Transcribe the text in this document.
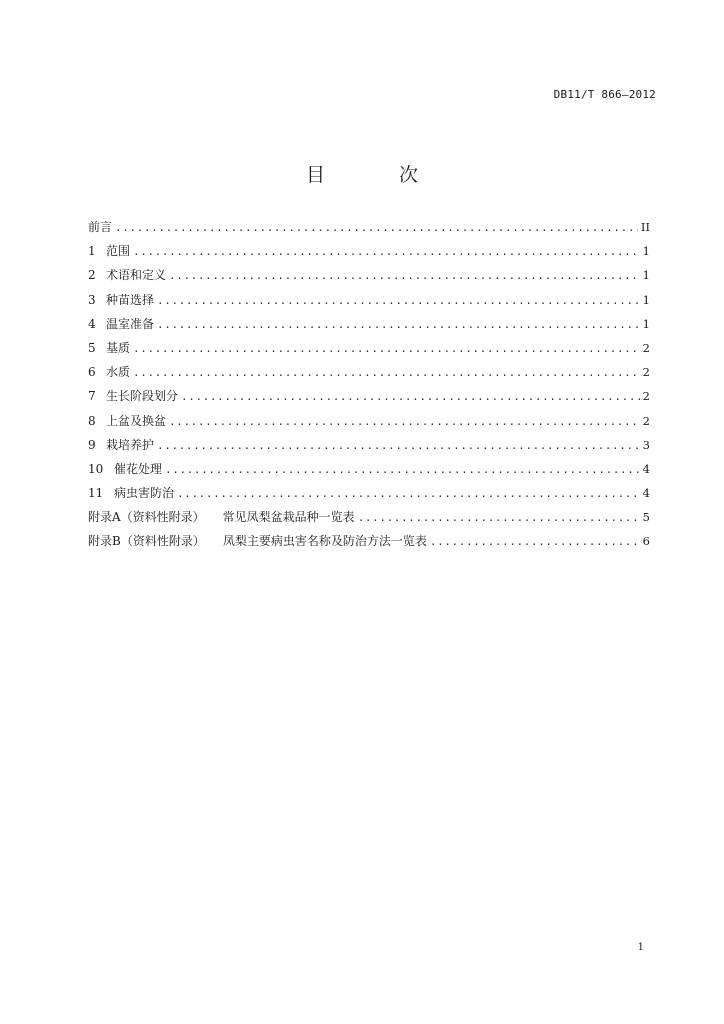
DB11/T 866—2012
目 次
前言 .....	II
1 范围 .....	1
2 术语和定义 .....	1
3 种苗选择 .....	1
4 温室准备 .....	1
5 基质 .....	2
6 水质 .....	2
7 生长阶段划分 .....	2
8 上盆及换盆 .....	2
9 栽培养护 .....	3
10 催花处理 .....	4
11 病虫害防治 .....	4
附录A（资料性附录） 常见凤梨盆栽品种一览表 .....	5
附录B（资料性附录） 凤梨主要病虫害名称及防治方法一览表 .....	6
1
